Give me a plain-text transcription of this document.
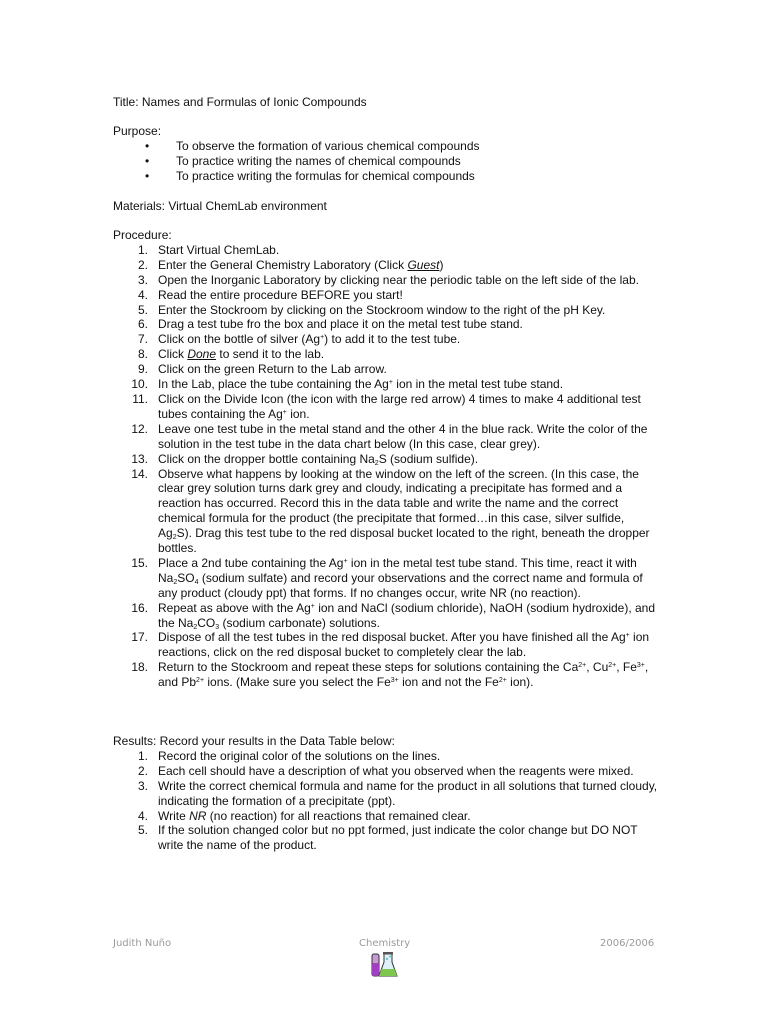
Title: Names and Formulas of Ionic Compounds
Purpose:
• To observe the formation of various chemical compounds
• To practice writing the names of chemical compounds
• To practice writing the formulas for chemical compounds
Materials: Virtual ChemLab environment
Procedure:
1. Start Virtual ChemLab.
2. Enter the General Chemistry Laboratory (Click Guest)
3. Open the Inorganic Laboratory by clicking near the periodic table on the left side of the lab.
4. Read the entire procedure BEFORE you start!
5. Enter the Stockroom by clicking on the Stockroom window to the right of the pH Key.
6. Drag a test tube fro the box and place it on the metal test tube stand.
7. Click on the bottle of silver (Ag+) to add it to the test tube.
8. Click Done to send it to the lab.
9. Click on the green Return to the Lab arrow.
10. In the Lab, place the tube containing the Ag+ ion in the metal test tube stand.
11. Click on the Divide Icon (the icon with the large red arrow) 4 times to make 4 additional test tubes containing the Ag+ ion.
12. Leave one test tube in the metal stand and the other 4 in the blue rack. Write the color of the solution in the test tube in the data chart below (In this case, clear grey).
13. Click on the dropper bottle containing $Na_2S$ (sodium sulfide).
14. Observe what happens by looking at the window on the left of the screen. (In this case, the clear grey solution turns dark grey and cloudy, indicating a precipitate has formed and a reaction has occurred. Record this in the data table and write the name and the correct chemical formula for the product (the precipitate that formed…in this case, silver sulfide, $Ag_2S$). Drag this test tube to the red disposal bucket located to the right, beneath the dropper bottles.
15. Place a 2nd tube containing the Ag+ ion in the metal test tube stand. This time, react it with $Na_2SO_4$ (sodium sulfate) and record your observations and the correct name and formula of any product (cloudy ppt) that forms. If no changes occur, write NR (no reaction).
16. Repeat as above with the Ag+ ion and NaCl (sodium chloride), NaOH (sodium hydroxide), and the $Na_2CO_3$ (sodium carbonate) solutions.
17. Dispose of all the test tubes in the red disposal bucket. After you have finished all the Ag+ ion reactions, click on the red disposal bucket to completely clear the lab.
18. Return to the Stockroom and repeat these steps for solutions containing the $Ca^{2+}$, $Cu^{2+}$, $Fe^{3+}$, and $Pb^{2+}$ ions. (Make sure you select the $Fe^{3+}$ ion and not the $Fe^{2+}$ ion).
Results: Record your results in the Data Table below:
1. Record the original color of the solutions on the lines.
2. Each cell should have a description of what you observed when the reagents were mixed.
3. Write the correct chemical formula and name for the product in all solutions that turned cloudy, indicating the formation of a precipitate (ppt).
4. Write NR (no reaction) for all reactions that remained clear.
5. If the solution changed color but no ppt formed, just indicate the color change but DO NOT write the name of the product.
Judith Nuño	Chemistry	2006/2006
